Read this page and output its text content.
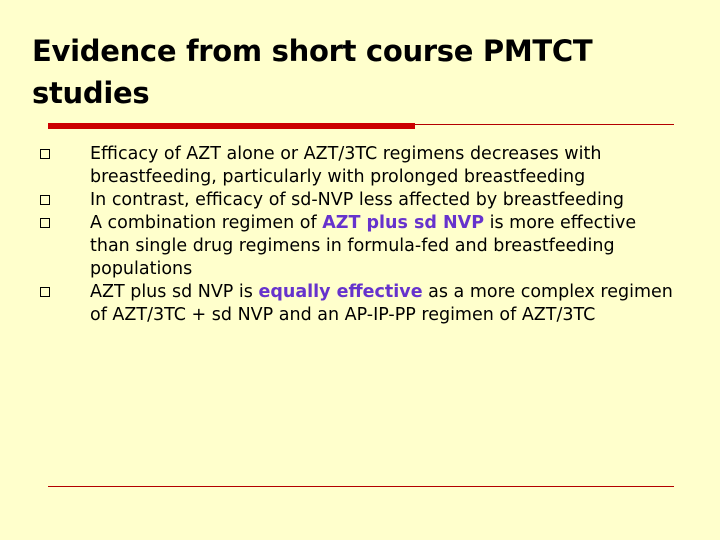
Evidence from short course PMTCT studies
Efficacy of AZT alone or AZT/3TC regimens decreases with breastfeeding, particularly with prolonged breastfeeding
In contrast, efficacy of sd-NVP less affected by breastfeeding
A combination regimen of AZT plus sd NVP is more effective than single drug regimens in formula-fed and breastfeeding populations
AZT plus sd NVP is equally effective as a more complex regimen of AZT/3TC + sd NVP and an AP-IP-PP regimen of AZT/3TC
